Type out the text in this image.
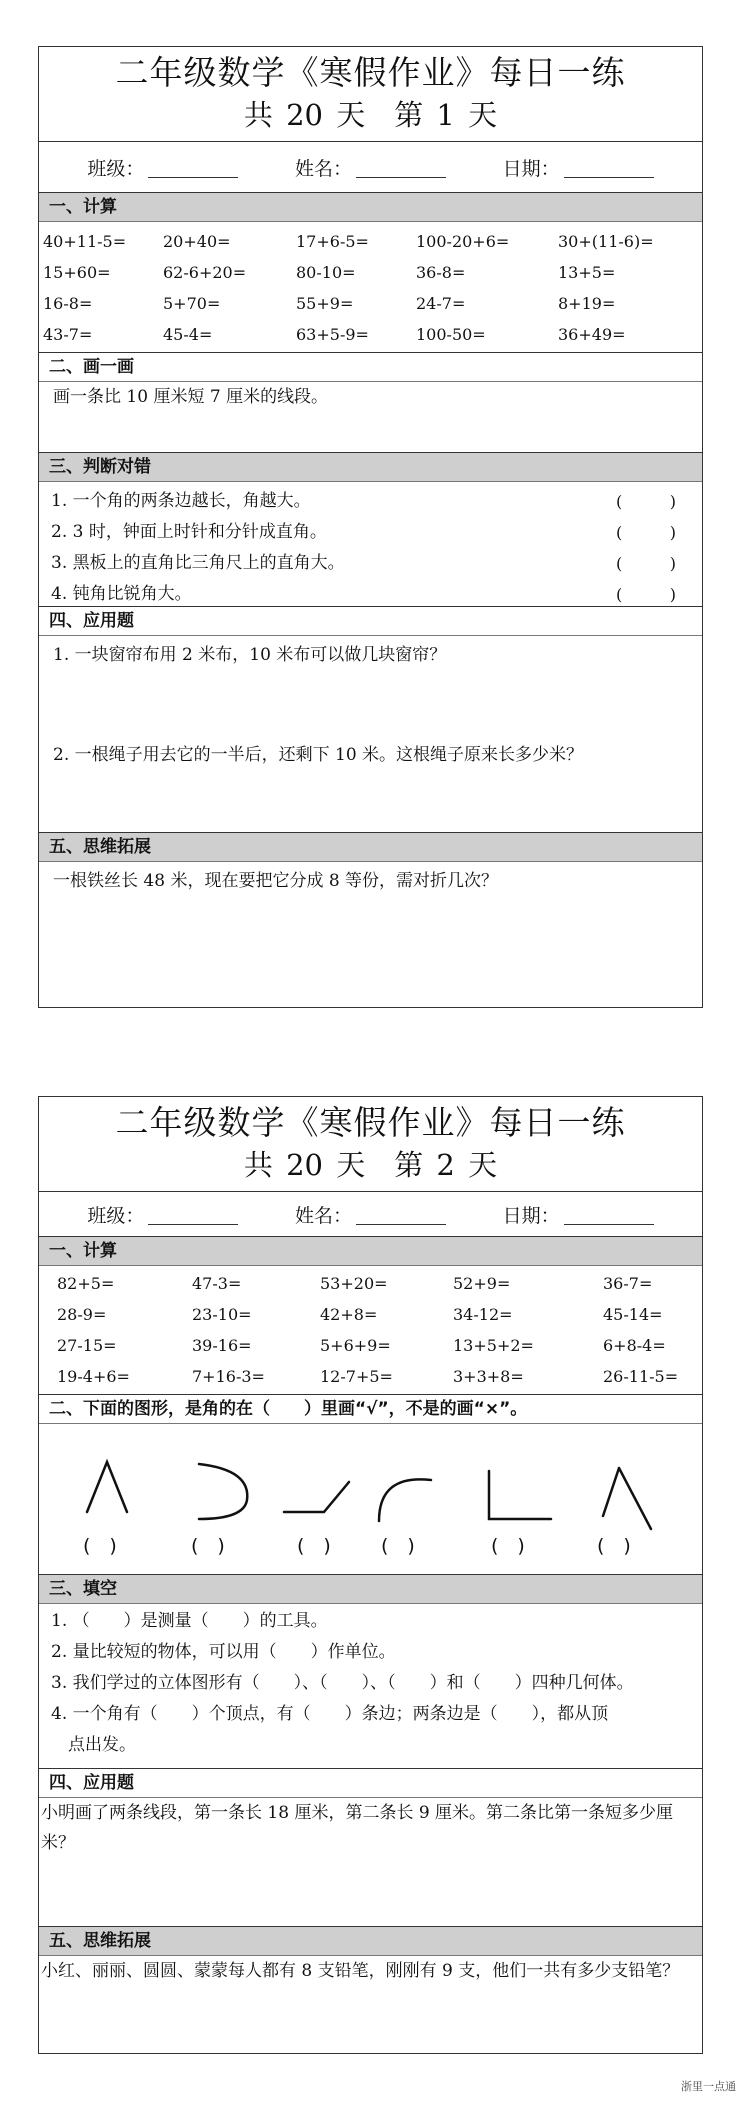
二年级数学《寒假作业》每日一练
共 20 天　第 1 天
班级：	姓名：	日期：
一、计算
40+11-5=	20+40=	17+6-5=	100-20+6=	30+(11-6)=
15+60=	62-6+20=	80-10=	36-8=	13+5=
16-8=	5+70=	55+9=	24-7=	8+19=
43-7=	45-4=	63+5-9=	100-50=	36+49=
二、画一画
画一条比 10 厘米短 7 厘米的线段。
三、判断对错
1. 一个角的两条边越长，角越大。	(	)
2. 3 时，钟面上时针和分针成直角。	(	)
3. 黑板上的直角比三角尺上的直角大。	(	)
4. 钝角比锐角大。	(	)
四、应用题
1. 一块窗帘布用 2 米布，10 米布可以做几块窗帘？
2. 一根绳子用去它的一半后，还剩下 10 米。这根绳子原来长多少米？
五、思维拓展
一根铁丝长 48 米，现在要把它分成 8 等份，需对折几次？
二年级数学《寒假作业》每日一练
共 20 天　第 2 天
班级：	姓名：	日期：
一、计算
82+5=	47-3=	53+20=	52+9=	36-7=
28-9=	23-10=	42+8=	34-12=	45-14=
27-15=	39-16=	5+6+9=	13+5+2=	6+8-4=
19-4+6=	7+16-3=	12-7+5=	3+3+8=	26-11-5=
二、下面的图形，是角的在（　　）里画“√”，不是的画“×”。
(　)	(　)	(　)	(　)	(　)	(　)
三、填空
1. （　　）是测量（　　）的工具。
2. 量比较短的物体，可以用（　　）作单位。
3. 我们学过的立体图形有（　　）、（　　）、（　　）和（　　）四种几何体。
4. 一个角有（　　）个顶点，有（　　）条边；两条边是（　　），都从顶
　点出发。
四、应用题
小明画了两条线段，第一条长 18 厘米，第二条长 9 厘米。第二条比第一条短多少厘米？
五、思维拓展
小红、丽丽、圆圆、蒙蒙每人都有 8 支铅笔，刚刚有 9 支，他们一共有多少支铅笔？
浙里一点通
